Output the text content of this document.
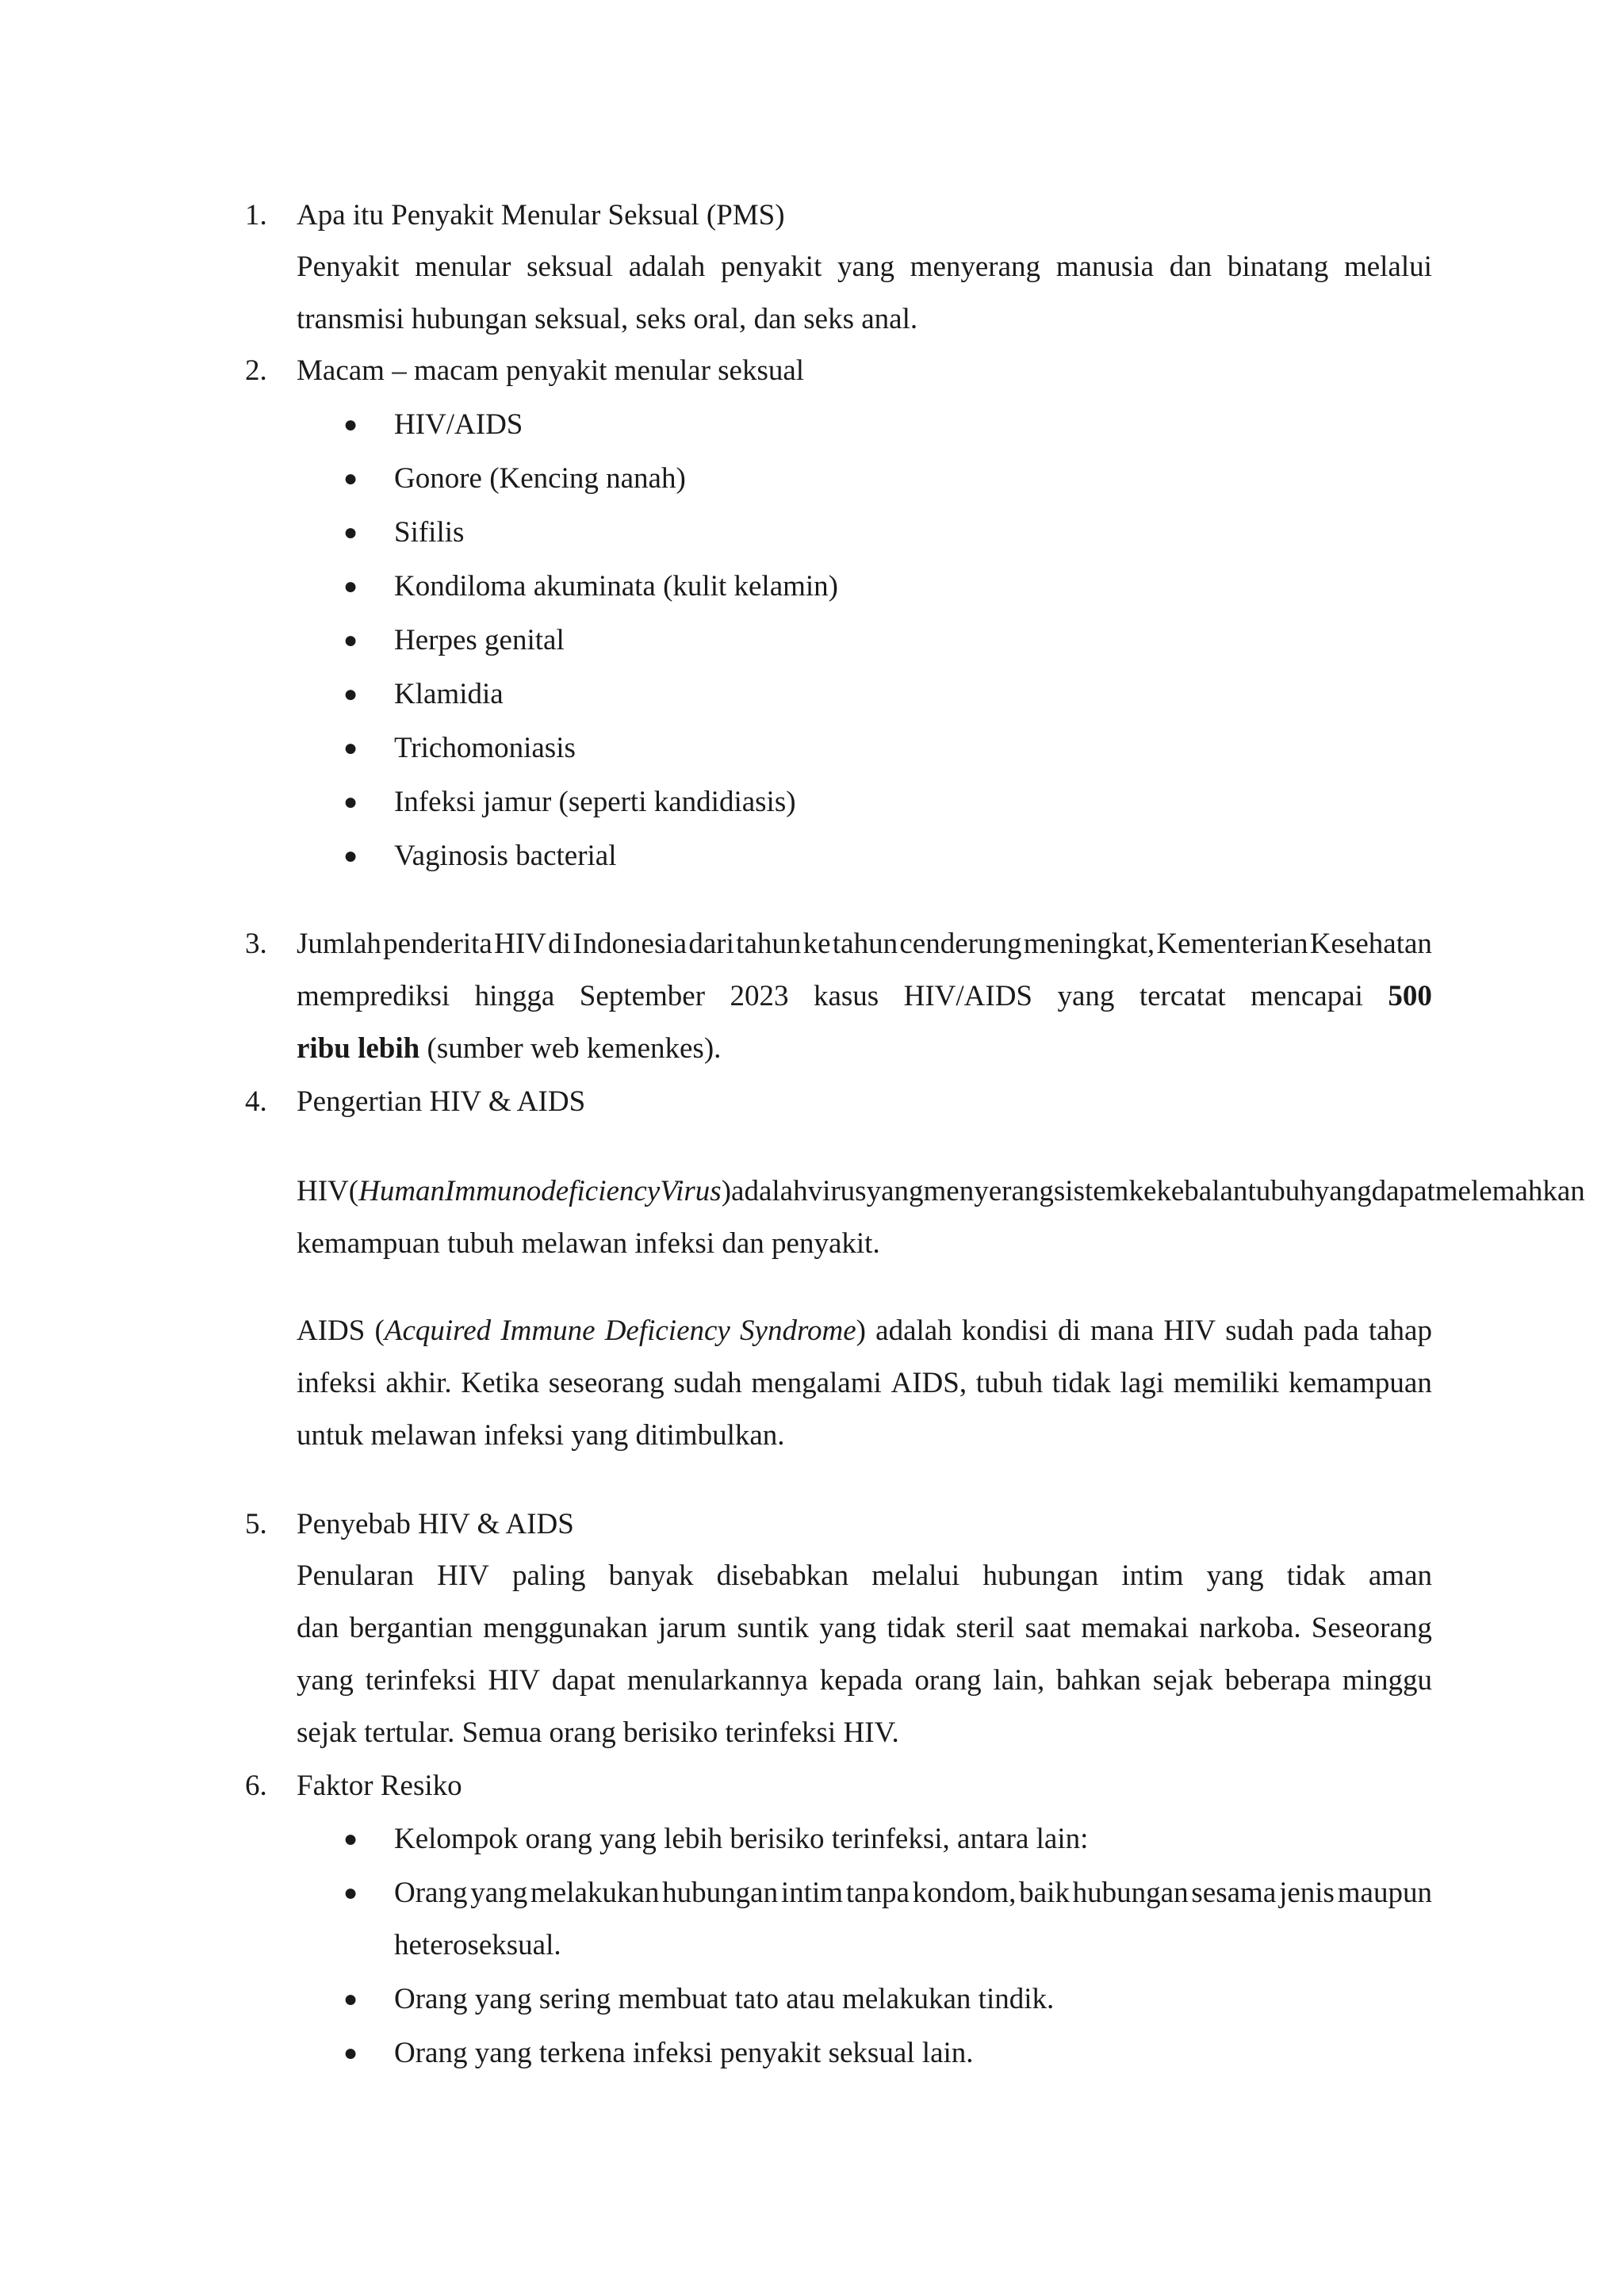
1. Apa itu Penyakit Menular Seksual (PMS)
Penyakit menular seksual adalah penyakit yang menyerang manusia dan binatang melalui
transmisi hubungan seksual, seks oral, dan seks anal.
2. Macam – macam penyakit menular seksual
● HIV/AIDS
● Gonore (Kencing nanah)
● Sifilis
● Kondiloma akuminata (kulit kelamin)
● Herpes genital
● Klamidia
● Trichomoniasis
● Infeksi jamur (seperti kandidiasis)
● Vaginosis bacterial
3. Jumlah penderita HIV di Indonesia dari tahun ke tahun cenderung meningkat, Kementerian Kesehatan
memprediksi hingga September 2023 kasus HIV/AIDS yang tercatat mencapai 500
ribu lebih (sumber web kemenkes).
4. Pengertian HIV & AIDS
HIV (Human Immunodeficiency Virus) adalah virus yang menyerang sistem kekebalan tubuh yang dapat melemahkan
kemampuan tubuh melawan infeksi dan penyakit.
AIDS (Acquired Immune Deficiency Syndrome) adalah kondisi di mana HIV sudah pada tahap
infeksi akhir. Ketika seseorang sudah mengalami AIDS, tubuh tidak lagi memiliki kemampuan
untuk melawan infeksi yang ditimbulkan.
5. Penyebab HIV & AIDS
Penularan HIV paling banyak disebabkan melalui hubungan intim yang tidak aman
dan bergantian menggunakan jarum suntik yang tidak steril saat memakai narkoba. Seseorang
yang terinfeksi HIV dapat menularkannya kepada orang lain, bahkan sejak beberapa minggu
sejak tertular. Semua orang berisiko terinfeksi HIV.
6. Faktor Resiko
● Kelompok orang yang lebih berisiko terinfeksi, antara lain:
● Orang yang melakukan hubungan intim tanpa kondom, baik hubungan sesama jenis maupun
heteroseksual.
● Orang yang sering membuat tato atau melakukan tindik.
● Orang yang terkena infeksi penyakit seksual lain.
